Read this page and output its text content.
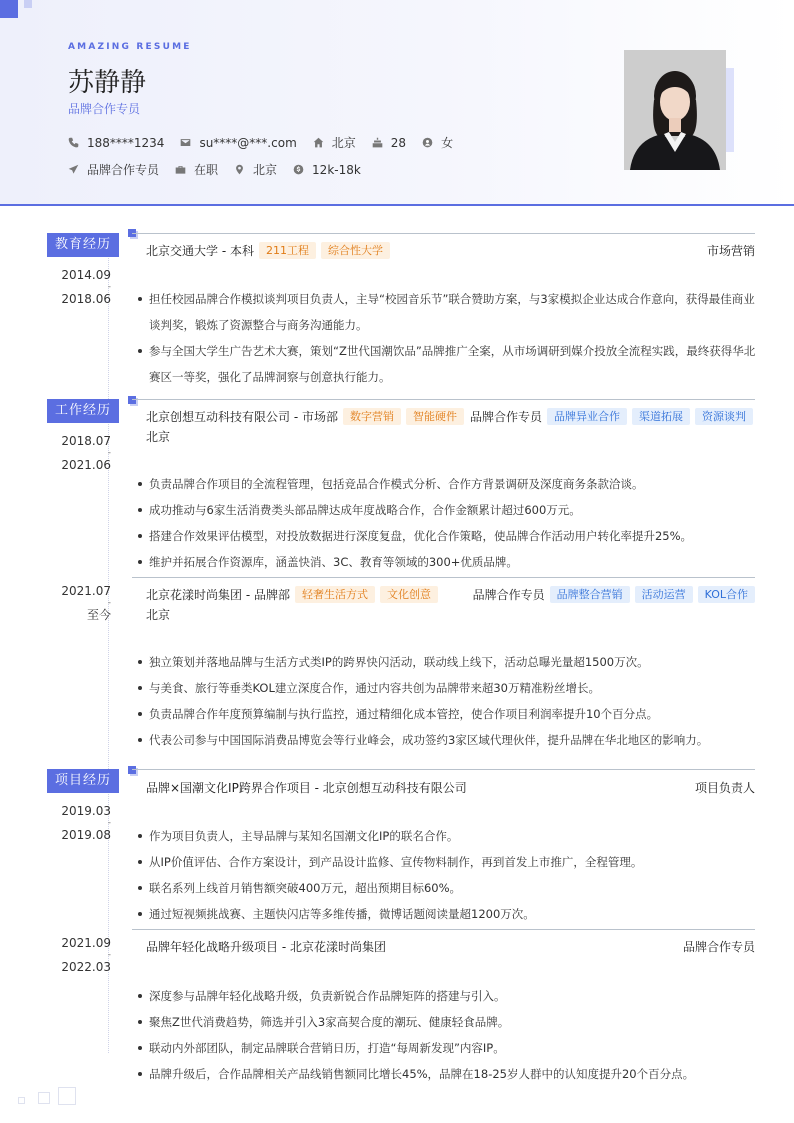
AMAZING RESUME
苏静静
品牌合作专员
188****1234	su****@***.com	北京	28	女
品牌合作专员	在职	北京	12k-18k
教育经历
2014.09
-
2018.06
北京交通大学 - 本科	211工程	综合性大学	市场营销
担任校园品牌合作模拟谈判项目负责人，主导“校园音乐节”联合赞助方案，与3家模拟企业达成合作意向，获得最佳商业谈判奖，锻炼了资源整合与商务沟通能力。
参与全国大学生广告艺术大赛，策划“Z世代国潮饮品”品牌推广全案，从市场调研到媒介投放全流程实践，最终获得华北赛区一等奖，强化了品牌洞察与创意执行能力。
工作经历
2018.07
-
2021.06
北京创想互动科技有限公司 - 市场部	数字营销	智能硬件	品牌合作专员	品牌异业合作	渠道拓展	资源谈判
北京
负责品牌合作项目的全流程管理，包括竞品合作模式分析、合作方背景调研及深度商务条款洽谈。
成功推动与6家生活消费类头部品牌达成年度战略合作，合作金额累计超过600万元。
搭建合作效果评估模型，对投放数据进行深度复盘，优化合作策略，使品牌合作活动用户转化率提升25%。
维护并拓展合作资源库，涵盖快消、3C、教育等领域的300+优质品牌。
2021.07
-
至今
北京花漾时尚集团 - 品牌部	轻奢生活方式	文化创意	品牌合作专员	品牌整合营销	活动运营	KOL合作
北京
独立策划并落地品牌与生活方式类IP的跨界快闪活动，联动线上线下，活动总曝光量超1500万次。
与美食、旅行等垂类KOL建立深度合作，通过内容共创为品牌带来超30万精准粉丝增长。
负责品牌合作年度预算编制与执行监控，通过精细化成本管控，使合作项目利润率提升10个百分点。
代表公司参与中国国际消费品博览会等行业峰会，成功签约3家区域代理伙伴，提升品牌在华北地区的影响力。
项目经历
2019.03
-
2019.08
品牌×国潮文化IP跨界合作项目 - 北京创想互动科技有限公司	项目负责人
作为项目负责人，主导品牌与某知名国潮文化IP的联名合作。
从IP价值评估、合作方案设计，到产品设计监修、宣传物料制作，再到首发上市推广，全程管理。
联名系列上线首月销售额突破400万元，超出预期目标60%。
通过短视频挑战赛、主题快闪店等多维传播，微博话题阅读量超1200万次。
2021.09
-
2022.03
品牌年轻化战略升级项目 - 北京花漾时尚集团	品牌合作专员
深度参与品牌年轻化战略升级，负责新锐合作品牌矩阵的搭建与引入。
聚焦Z世代消费趋势，筛选并引入3家高契合度的潮玩、健康轻食品牌。
联动内外部团队，制定品牌联合营销日历，打造“每周新发现”内容IP。
品牌升级后，合作品牌相关产品线销售额同比增长45%，品牌在18-25岁人群中的认知度提升20个百分点。
